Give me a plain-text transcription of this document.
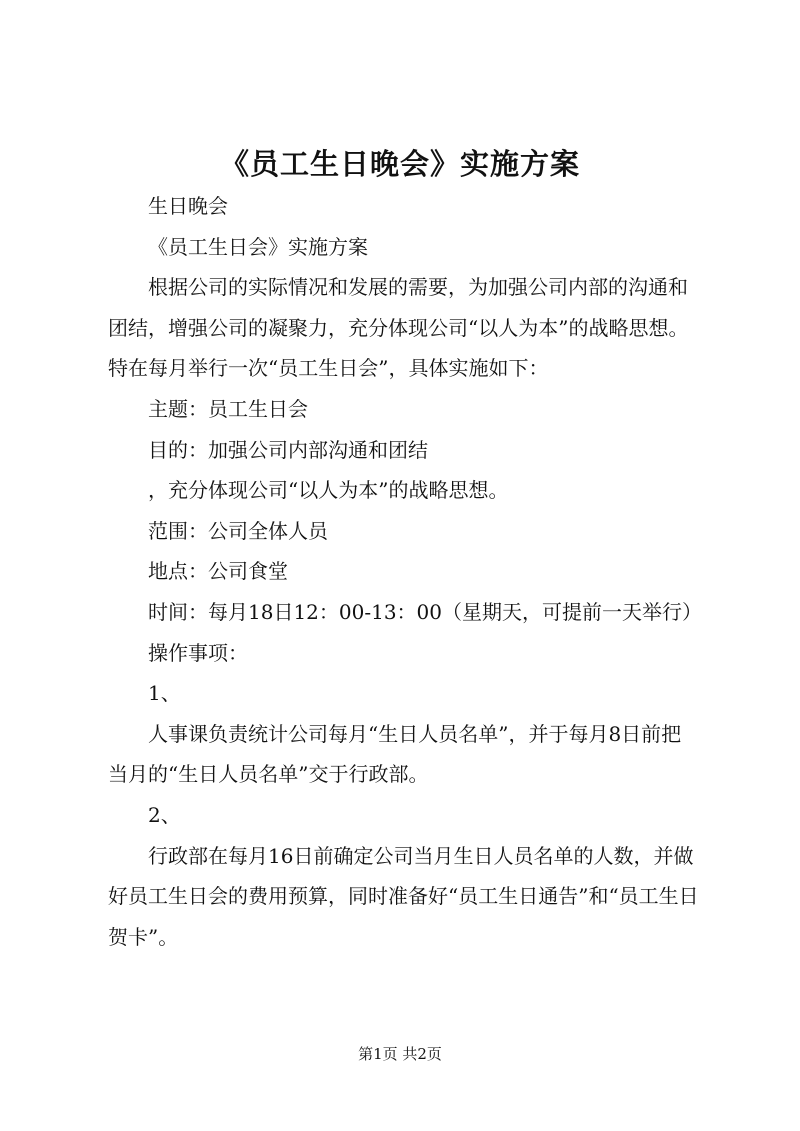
《员工生日晚会》实施方案

生日晚会

《员工生日会》实施方案

根据公司的实际情况和发展的需要，为加强公司内部的沟通和团结，增强公司的凝聚力，充分体现公司“以人为本”的战略思想。特在每月举行一次“员工生日会”，具体实施如下：

主题：员工生日会

目的：加强公司内部沟通和团结

，充分体现公司“以人为本”的战略思想。

范围：公司全体人员

地点：公司食堂

时间：每月18日12：00-13：00（星期天，可提前一天举行）

操作事项：

1、

人事课负责统计公司每月“生日人员名单”，并于每月8日前把当月的“生日人员名单”交于行政部。

2、

行政部在每月16日前确定公司当月生日人员名单的人数，并做好员工生日会的费用预算，同时准备好“员工生日通告”和“员工生日贺卡”。

第1页 共2页
